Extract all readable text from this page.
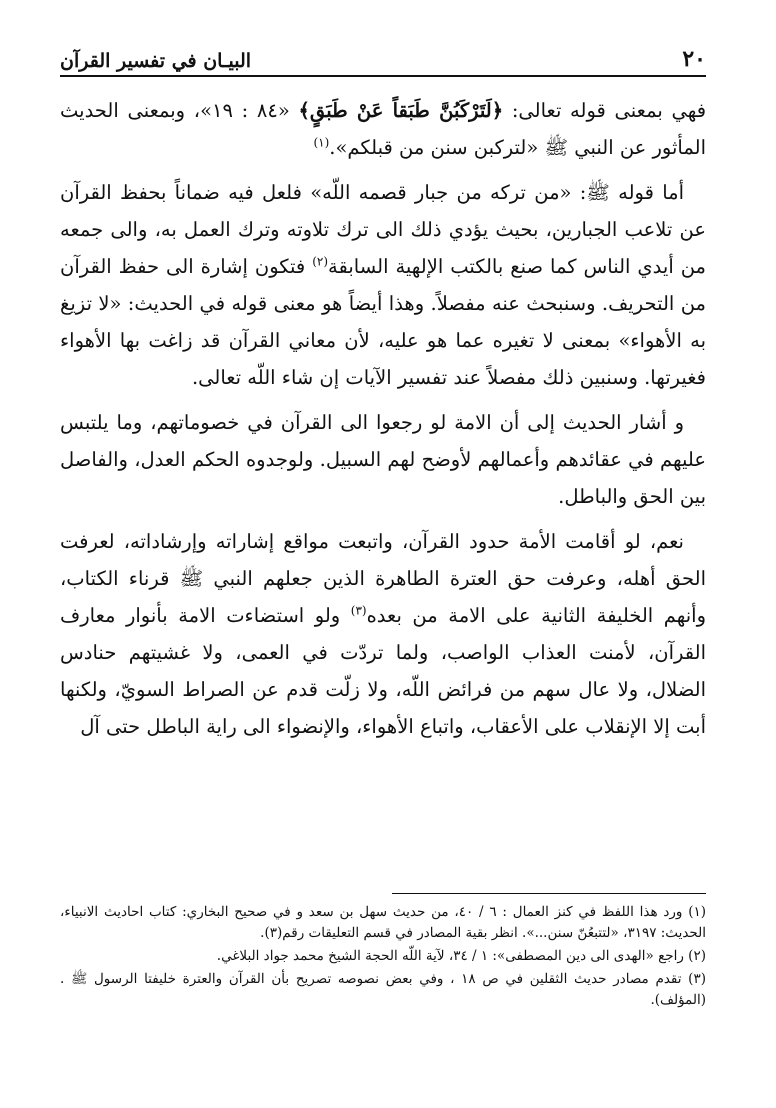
٢٠
البيـان في تفسير القرآن

فهي بمعنى قوله تعالى: ﴿لَتَرْكَبُنَّ طَبَقاً عَنْ طَبَقٍ﴾ «٨٤ : ١٩»، وبمعنى الحديث المأثور عن النبي ﷺ «لتركبن سنن من قبلكم».$^{(١)}$

أما قوله ﷺ: «من تركه من جبار قصمه اللّه» فلعل فيه ضماناً بحفظ القرآن عن تلاعب الجبارين، بحيث يؤدي ذلك الى ترك تلاوته وترك العمل به، والى جمعه من أيدي الناس كما صنع بالكتب الإلهية السابقة$^{(٢)}$ فتكون إشارة الى حفظ القرآن من التحريف. وسنبحث عنه مفصلاً. وهذا أيضاً هو معنى قوله في الحديث: «لا تزيغ به الأهواء» بمعنى لا تغيره عما هو عليه، لأن معاني القرآن قد زاغت بها الأهواء فغيرتها. وسنبين ذلك مفصلاً عند تفسير الآيات إن شاء اللّه تعالى.

و أشار الحديث إلى أن الامة لو رجعوا الى القرآن في خصوماتهم، وما يلتبس عليهم في عقائدهم وأعمالهم لأوضح لهم السبيل. ولوجدوه الحكم العدل، والفاصل بين الحق والباطل.

نعم، لو أقامت الأمة حدود القرآن، واتبعت مواقع إشاراته وإرشاداته، لعرفت الحق أهله، وعرفت حق العترة الطاهرة الذين جعلهم النبي ﷺ قرناء الكتاب، وأنهم الخليفة الثانية على الامة من بعده$^{(٣)}$ ولو استضاءت الامة بأنوار معارف القرآن، لأمنت العذاب الواصب، ولما تردّت في العمى، ولا غشيتهم حنادس الضلال، ولا عال سهم من فرائض اللّه، ولا زلّت قدم عن الصراط السويّ، ولكنها أبت إلا الإنقلاب على الأعقاب، واتباع الأهواء، والإنضواء الى راية الباطل حتى آل

(١) ورد هذا اللفظ في كنز العمال : ٦ / ٤٠، من حديث سهل بن سعد و في صحيح البخاري: كتاب احاديث الانبياء، الحديث: ٣١٩٧، «لتتبعُنّ سنن...». انظر بقية المصادر في قسم التعليقات رقم(٣).

(٢) راجع «الهدى الى دين المصطفى»: ١ / ٣٤، لآية اللّه الحجة الشيخ محمد جواد البلاغي.

(٣) تقدم مصادر حديث الثقلين في ص ١٨ ، وفي بعض نصوصه تصريح بأن القرآن والعترة خليفتا الرسول ﷺ . (المؤلف).
